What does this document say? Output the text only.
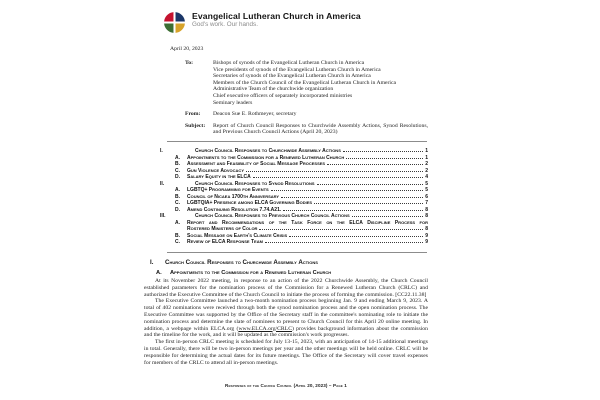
Evangelical Lutheran Church in America
God's work. Our hands.
April 20, 2023
To:	Bishops of synods of the Evangelical Lutheran Church in America
Vice presidents of synods of the Evangelical Lutheran Church in America
Secretaries of synods of the Evangelical Lutheran Church in America
Members of the Church Council of the Evangelical Lutheran Church in America
Administrative Team of the churchwide organization
Chief executive officers of separately incorporated ministries
Seminary leaders
From:	Deacon Sue E. Rothmeyer, secretary
Subject:	Report of Church Council Responses to Churchwide Assembly Actions, Synod Resolutions, and Previous Church Council Actions (April 20, 2023)
I.	Church Council Responses to Churchwide Assembly Actions	1
A.	Appointments to the Commission for a Renewed Lutheran Church	1
B.	Assessment and Feasibility of Social Message Processes	2
C.	Gun Violence Advocacy	2
D.	Salary Equity in the ELCA	4
II.	Church Council Responses to Synod Resolutions	5
A.	LGBTQ+ Programming for Events	5
B.	Council of Nicaea 1700th Anniversary	6
C.	LGBTQIA+ Presence among ELCA Governing Bodies	7
D.	Amend Continuing Resolution 7.74.A21.	8
III.	Church Council Responses to Previous Church Council Actions	8
A.	Report and Recommendations of the Task Force on the ELCA Discipline Process for
Rostered Ministers of Color	8
B.	Social Message on Earth's Climate Crisis	9
C.	Review of ELCA Response Team	9
I.	Church Council Responses to Churchwide Assembly Actions
A.	Appointments to the Commission for a Renewed Lutheran Church

At its November 2022 meeting, in response to an action of the 2022 Churchwide Assembly, the Church Council established parameters for the nomination process of the Commission for a Renewed Lutheran Church (CRLC) and authorized the Executive Committee of the Church Council to initiate the process of forming the commission. [CC22.11.38]

The Executive Committee launched a two-month nomination process beginning Jan. 9 and ending March 9, 2023. A total of 402 nominations were received through both the synod nomination process and the open nomination process. The Executive Committee was supported by the Office of the Secretary staff in the committee's nominating role to initiate the nomination process and determine the slate of nominees to present to Church Council for this April 20 online meeting. In addition, a webpage within ELCA.org (www.ELCA.org/CRLC) provides background information about the commission and the timeline for the work, and it will be updated as the commission's work progresses.

The first in-person CRLC meeting is scheduled for July 13-15, 2023, with an anticipation of 14-15 additional meetings in total. Generally, there will be two in-person meetings per year and the other meetings will be held online. CRLC will be responsible for determining the actual dates for its future meetings. The Office of the Secretary will cover travel expenses for members of the CRLC to attend all in-person meetings.

Responses of the Church Council (April 20, 2023) – Page 1
